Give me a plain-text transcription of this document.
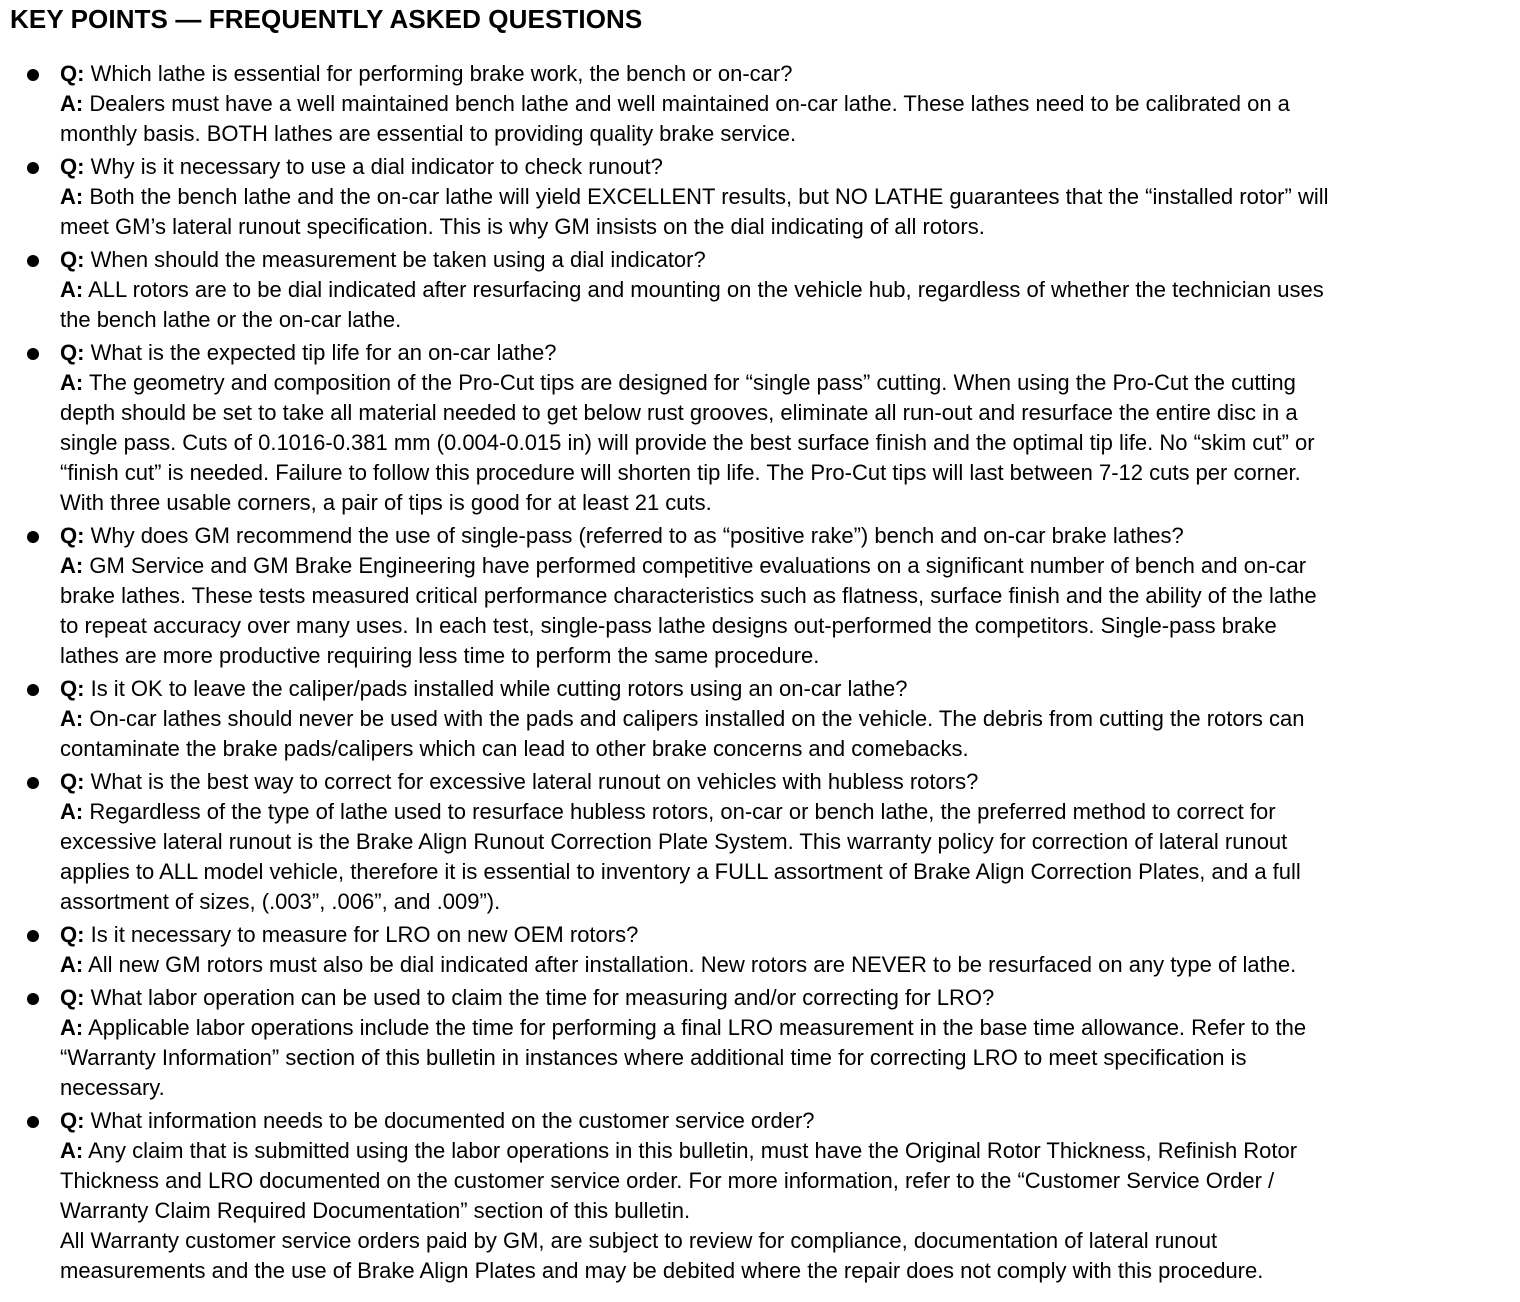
KEY POINTS — FREQUENTLY ASKED QUESTIONS
Q: Which lathe is essential for performing brake work, the bench or on-car?
A: Dealers must have a well maintained bench lathe and well maintained on-car lathe. These lathes need to be calibrated on a
monthly basis. BOTH lathes are essential to providing quality brake service.
Q: Why is it necessary to use a dial indicator to check runout?
A: Both the bench lathe and the on-car lathe will yield EXCELLENT results, but NO LATHE guarantees that the “installed rotor” will
meet GM’s lateral runout specification. This is why GM insists on the dial indicating of all rotors.
Q: When should the measurement be taken using a dial indicator?
A: ALL rotors are to be dial indicated after resurfacing and mounting on the vehicle hub, regardless of whether the technician uses
the bench lathe or the on-car lathe.
Q: What is the expected tip life for an on-car lathe?
A: The geometry and composition of the Pro-Cut tips are designed for “single pass” cutting. When using the Pro-Cut the cutting
depth should be set to take all material needed to get below rust grooves, eliminate all run-out and resurface the entire disc in a
single pass. Cuts of 0.1016-0.381 mm (0.004-0.015 in) will provide the best surface finish and the optimal tip life. No “skim cut” or
“finish cut” is needed. Failure to follow this procedure will shorten tip life. The Pro-Cut tips will last between 7-12 cuts per corner.
With three usable corners, a pair of tips is good for at least 21 cuts.
Q: Why does GM recommend the use of single-pass (referred to as “positive rake”) bench and on-car brake lathes?
A: GM Service and GM Brake Engineering have performed competitive evaluations on a significant number of bench and on-car
brake lathes. These tests measured critical performance characteristics such as flatness, surface finish and the ability of the lathe
to repeat accuracy over many uses. In each test, single-pass lathe designs out-performed the competitors. Single-pass brake
lathes are more productive requiring less time to perform the same procedure.
Q: Is it OK to leave the caliper/pads installed while cutting rotors using an on-car lathe?
A: On-car lathes should never be used with the pads and calipers installed on the vehicle. The debris from cutting the rotors can
contaminate the brake pads/calipers which can lead to other brake concerns and comebacks.
Q: What is the best way to correct for excessive lateral runout on vehicles with hubless rotors?
A: Regardless of the type of lathe used to resurface hubless rotors, on-car or bench lathe, the preferred method to correct for
excessive lateral runout is the Brake Align Runout Correction Plate System. This warranty policy for correction of lateral runout
applies to ALL model vehicle, therefore it is essential to inventory a FULL assortment of Brake Align Correction Plates, and a full
assortment of sizes, (.003”, .006”, and .009”).
Q: Is it necessary to measure for LRO on new OEM rotors?
A: All new GM rotors must also be dial indicated after installation. New rotors are NEVER to be resurfaced on any type of lathe.
Q: What labor operation can be used to claim the time for measuring and/or correcting for LRO?
A: Applicable labor operations include the time for performing a final LRO measurement in the base time allowance. Refer to the
“Warranty Information” section of this bulletin in instances where additional time for correcting LRO to meet specification is
necessary.
Q: What information needs to be documented on the customer service order?
A: Any claim that is submitted using the labor operations in this bulletin, must have the Original Rotor Thickness, Refinish Rotor
Thickness and LRO documented on the customer service order. For more information, refer to the “Customer Service Order /
Warranty Claim Required Documentation” section of this bulletin.
All Warranty customer service orders paid by GM, are subject to review for compliance, documentation of lateral runout
measurements and the use of Brake Align Plates and may be debited where the repair does not comply with this procedure.
